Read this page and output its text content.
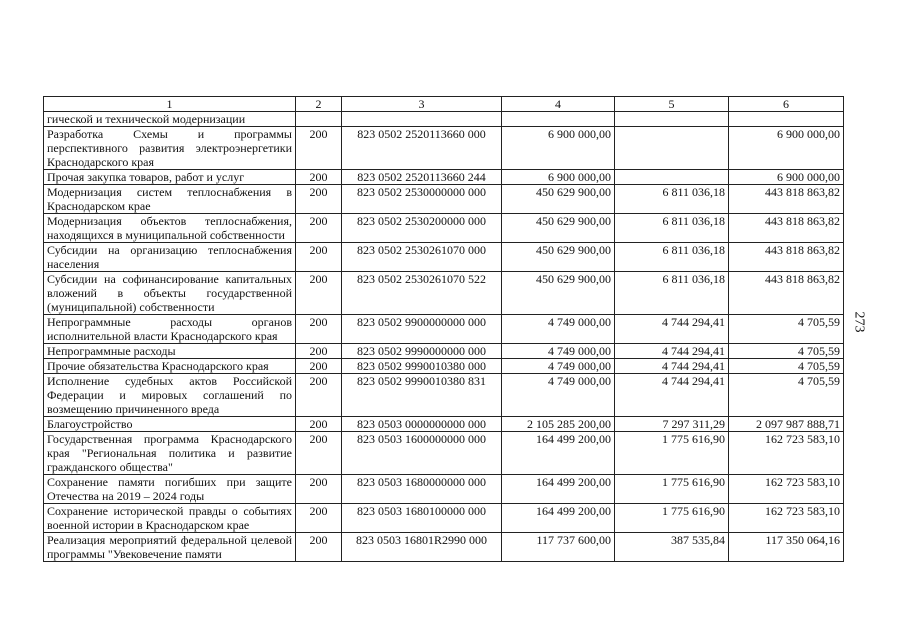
1	2	3	4	5	6
гической и технической модернизации					
Разработка Схемы и программы перспективного развития электроэнергетики Краснодарского края	200	823 0502 2520113660 000	6 900 000,00		6 900 000,00
Прочая закупка товаров, работ и услуг	200	823 0502 2520113660 244	6 900 000,00		6 900 000,00
Модернизация систем теплоснабжения в Краснодарском крае	200	823 0502 2530000000 000	450 629 900,00	6 811 036,18	443 818 863,82
Модернизация объектов теплоснабжения, находящихся в муниципальной собственности	200	823 0502 2530200000 000	450 629 900,00	6 811 036,18	443 818 863,82
Субсидии на организацию теплоснабжения населения	200	823 0502 2530261070 000	450 629 900,00	6 811 036,18	443 818 863,82
Субсидии на софинансирование капитальных вложений в объекты государственной (муниципальной) собственности	200	823 0502 2530261070 522	450 629 900,00	6 811 036,18	443 818 863,82
Непрограммные расходы органов исполнительной власти Краснодарского края	200	823 0502 9900000000 000	4 749 000,00	4 744 294,41	4 705,59
Непрограммные расходы	200	823 0502 9990000000 000	4 749 000,00	4 744 294,41	4 705,59
Прочие обязательства Краснодарского края	200	823 0502 9990010380 000	4 749 000,00	4 744 294,41	4 705,59
Исполнение судебных актов Российской Федерации и мировых соглашений по возмещению причиненного вреда	200	823 0502 9990010380 831	4 749 000,00	4 744 294,41	4 705,59
Благоустройство	200	823 0503 0000000000 000	2 105 285 200,00	7 297 311,29	2 097 987 888,71
Государственная программа Краснодарского края "Региональная политика и развитие гражданского общества"	200	823 0503 1600000000 000	164 499 200,00	1 775 616,90	162 723 583,10
Сохранение памяти погибших при защите Отечества на 2019 – 2024 годы	200	823 0503 1680000000 000	164 499 200,00	1 775 616,90	162 723 583,10
Сохранение исторической правды о событиях военной истории в Краснодарском крае	200	823 0503 1680100000 000	164 499 200,00	1 775 616,90	162 723 583,10
Реализация мероприятий федеральной целевой программы "Увековечение памяти	200	823 0503 16801R2990 000	117 737 600,00	387 535,84	117 350 064,16
273
